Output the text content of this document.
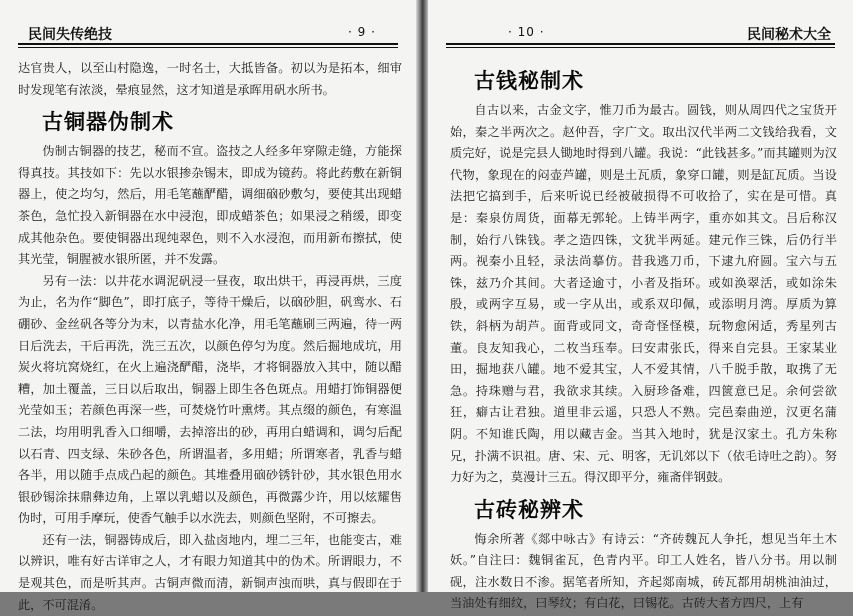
民间失传绝技	· 9 ·

达官贵人，以至山村隐逸，一时名士，大抵皆备。初以为是拓本，细审时发现笔有浓淡，晕痕显然，这才知道是承晖用矾水所书。

古铜器伪制术

伪制古铜器的技艺，秘而不宣。盗技之人经多年穿隙走缝，方能探得真技。其技如下：先以水银掺杂锡末，即成为镜药。将此药敷在新铜器上，使之均匀，然后，用毛笔蘸酽醋，调细硇砂敷匀，要使其出现蜡茶色，急忙投入新铜器在水中浸泡，即成蜡茶色；如果浸之稍缓，即变成其他杂色。要使铜器出现纯翠色，则不入水浸泡，而用新布擦拭，使其光莹，铜腥被水银所匿，并不发露。

另有一法：以井花水调泥矾浸一昼夜，取出烘干，再浸再烘，三度为止，名为作“脚色”，即打底子，等待干燥后，以硇砂胆，矾鸾水、石硼砂、金丝矾各等分为末，以青盐水化净，用毛笔蘸刷三两遍，待一两日后洗去，干后再洗，洗三五次，以颜色停匀为度。然后掘地成坑，用炭火将坑窝烧红，在火上遍浇酽醋，浇毕，才将铜器放入其中，随以醋糟，加土覆盖，三日以后取出，铜器上即生各色斑点。用蜡打饰铜器便光莹如玉；若颜色再深一些，可焚烧竹叶熏烤。其点缀的颜色，有寒温二法，均用明乳香入口细嚼，去掉溶出的砂，再用白蜡调和，调匀后配以石青、四支绿、朱砂各色，所谓温者，多用蜡；所谓寒者，乳香与蜡各半，用以随手点成凸起的颜色。其堆叠用硇砂锈针砂，其水银色用水银砂锡涂抹鼎彝边角，上罩以乳蜡以及颜色，再微露少许，用以炫耀售伪时，可用手摩玩，使香气触手以水洗去，则颜色坚附，不可擦去。

还有一法，铜器铸成后，即入盐卤地内，埋二三年，也能变古，难以辨识，唯有好古详审之人，才有眼力知道其中的伪术。所谓眼力，不是观其色，而是听其声。古铜声微而清，新铜声浊而哄，真与假即在于此，不可混淆。

· 10 ·	民间秘术大全
古钱秘制术

自古以来，古金文字，惟刀币为最古。圆钱，则从周四代之宝货开始，秦之半两次之。赵仲吾，字广文。取出汉代半两二文钱给我看，文质完好，说是完县人锄地时得到八罐。我说：“此钱甚多。”而其罐则为汉代物，象现在的闷壶芦罐，则是土瓦质，象穿口罐，则是缸瓦质。当设法把它搞到手，后来听说已经被破损得不可收拾了，实在是可惜。真是：秦泉仿周货，面幕无郭轮。上铸半两字，重亦如其文。吕后称汉制，始行八铢钱。孝之造四铢，文犹半两延。建元作三铢，后仍行半两。视秦小且轻，录法尚摹仿。昔我逃刀币，下逮九府圆。宝六与五铢，兹乃介其间。大者迳逾寸，小者及指环。或如涣翠活，或如涂朱殷，或两字互易，或一字从出，或系双印佩，或添明月湾。厚质为算铁，斜柄为胡芦。面背或同文，奇奇怪怪模，玩物愈闲适，秀星列古董。良友知我心，二枚当珏奉。曰安肃张氏，得来自完县。王家某业田，掘地获八罐。地不爱其宝，人不爱其情，八千脱手散，取携了无急。持珠赠与君，我欲求其续。入厨珍备难，四篋意已足。余何尝欲狂，癖古让君独。道里非云遥，只恐人不熟。完邑秦曲逆，汉更名蒲阴。不知谁氏陶，用以藏吉金。当其入地时，犹是汉家土。孔方朱称兄，扑满不识祖。唐、宋、元、明客，无讥郊以下（依毛诗吐之韵）。努力好为之，莫漫计三五。得汉即平分，雍斋伴钢鼓。

古砖秘辨术

悔余所著《郯中咏古》有诗云：“齐砖魏瓦人争托，想见当年土木妖。”自注曰：魏铜雀瓦，色青内平。印工人姓名，皆八分书。用以制砚，注水数日不渗。据笔者所知，齐起郯南城，砖瓦都用胡桃油油过，当油处有细纹，曰琴纹；有白花，曰锡花。古砖大者方四尺，上有
